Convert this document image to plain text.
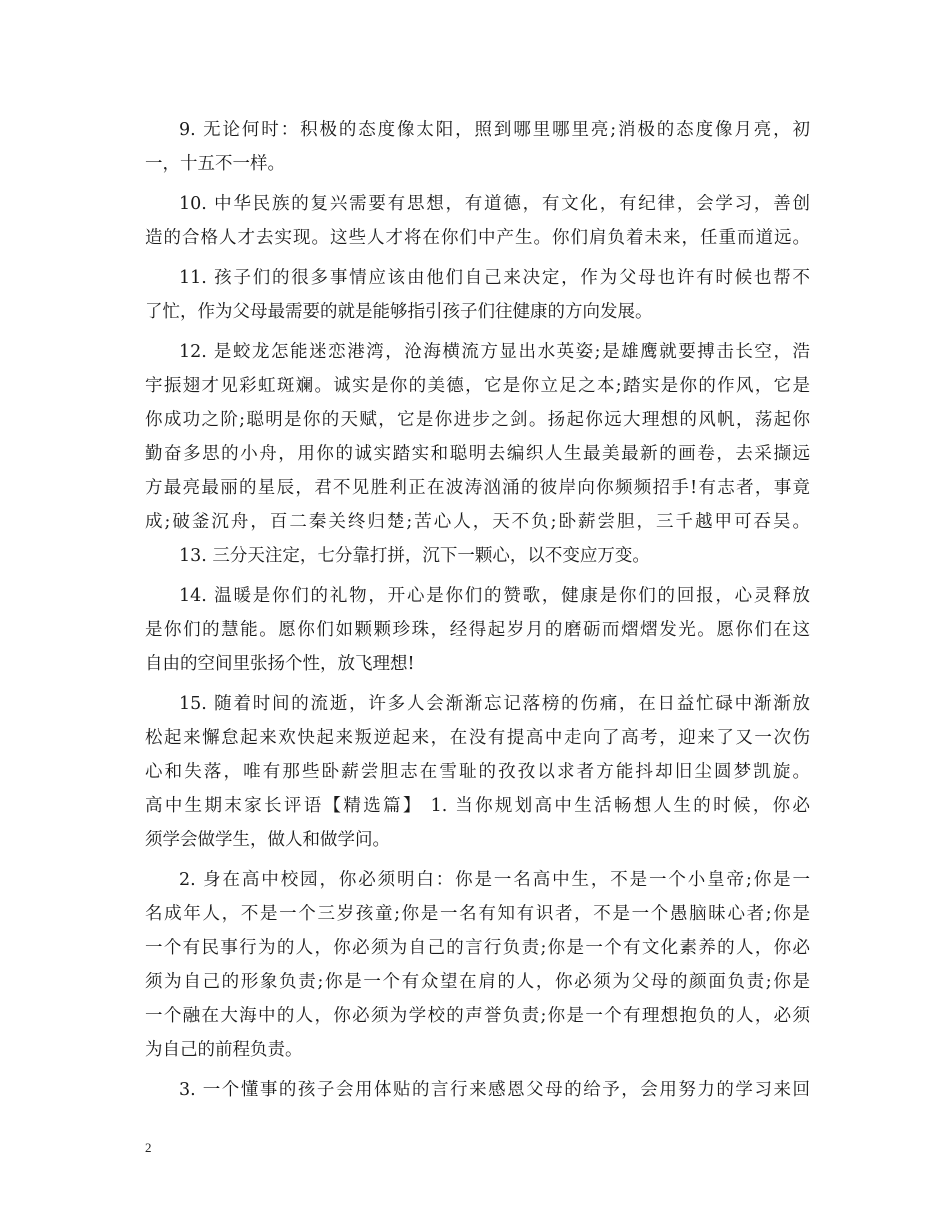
9. 无论何时：积极的态度像太阳，照到哪里哪里亮;消极的态度像月亮，初
一，十五不一样。
10. 中华民族的复兴需要有思想，有道德，有文化，有纪律，会学习，善创
造的合格人才去实现。这些人才将在你们中产生。你们肩负着未来，任重而道远。
11. 孩子们的很多事情应该由他们自己来决定，作为父母也许有时候也帮不
了忙，作为父母最需要的就是能够指引孩子们往健康的方向发展。
12. 是蛟龙怎能迷恋港湾，沧海横流方显出水英姿;是雄鹰就要搏击长空，浩
宇振翅才见彩虹斑斓。诚实是你的美德，它是你立足之本;踏实是你的作风，它是
你成功之阶;聪明是你的天赋，它是你进步之剑。扬起你远大理想的风帆，荡起你
勤奋多思的小舟，用你的诚实踏实和聪明去编织人生最美最新的画卷，去采撷远
方最亮最丽的星辰，君不见胜利正在波涛汹涌的彼岸向你频频招手!有志者，事竟
成;破釜沉舟，百二秦关终归楚;苦心人，天不负;卧薪尝胆，三千越甲可吞吴。
13. 三分天注定，七分靠打拼，沉下一颗心，以不变应万变。
14. 温暖是你们的礼物，开心是你们的赞歌，健康是你们的回报，心灵释放
是你们的慧能。愿你们如颗颗珍珠，经得起岁月的磨砺而熠熠发光。愿你们在这
自由的空间里张扬个性，放飞理想!
15. 随着时间的流逝，许多人会渐渐忘记落榜的伤痛，在日益忙碌中渐渐放
松起来懈怠起来欢快起来叛逆起来，在没有提高中走向了高考，迎来了又一次伤
心和失落，唯有那些卧薪尝胆志在雪耻的孜孜以求者方能抖却旧尘圆梦凯旋。
高中生期末家长评语【精选篇】 1. 当你规划高中生活畅想人生的时候，你必
须学会做学生，做人和做学问。
2. 身在高中校园，你必须明白：你是一名高中生，不是一个小皇帝;你是一
名成年人，不是一个三岁孩童;你是一名有知有识者，不是一个愚脑昧心者;你是
一个有民事行为的人，你必须为自己的言行负责;你是一个有文化素养的人，你必
须为自己的形象负责;你是一个有众望在肩的人，你必须为父母的颜面负责;你是
一个融在大海中的人，你必须为学校的声誉负责;你是一个有理想抱负的人，必须
为自己的前程负责。
3. 一个懂事的孩子会用体贴的言行来感恩父母的给予，会用努力的学习来回
2
